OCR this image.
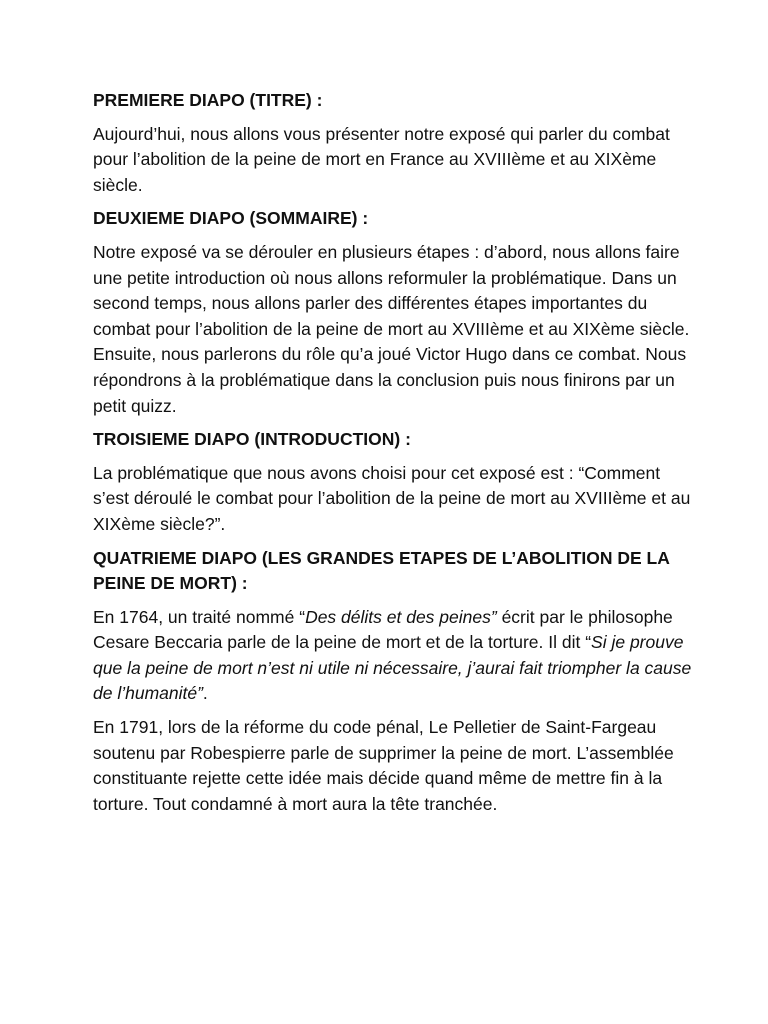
PREMIERE DIAPO (TITRE) :

Aujourd’hui, nous allons vous présenter notre exposé qui parler du combat pour l’abolition de la peine de mort en France au XVIIIème et au XIXème siècle.

DEUXIEME DIAPO (SOMMAIRE) :

Notre exposé va se dérouler en plusieurs étapes : d’abord, nous allons faire une petite introduction où nous allons reformuler la problématique. Dans un second temps, nous allons parler des différentes étapes importantes du combat pour l’abolition de la peine de mort au XVIIIème et au XIXème siècle. Ensuite, nous parlerons du rôle qu’a joué Victor Hugo dans ce combat. Nous répondrons à la problématique dans la conclusion puis nous finirons par un petit quizz.

TROISIEME DIAPO (INTRODUCTION) :

La problématique que nous avons choisi pour cet exposé est : “Comment s’est déroulé le combat pour l’abolition de la peine de mort au XVIIIème et au XIXème siècle?”.

QUATRIEME DIAPO (LES GRANDES ETAPES DE L’ABOLITION DE LA PEINE DE MORT) :

En 1764, un traité nommé “Des délits et des peines” écrit par le philosophe Cesare Beccaria parle de la peine de mort et de la torture. Il dit “Si je prouve que la peine de mort n’est ni utile ni nécessaire, j’aurai fait triompher la cause de l’humanité”.

En 1791, lors de la réforme du code pénal, Le Pelletier de Saint-Fargeau soutenu par Robespierre parle de supprimer la peine de mort. L’assemblée constituante rejette cette idée mais décide quand même de mettre fin à la torture. Tout condamné à mort aura la tête tranchée.
